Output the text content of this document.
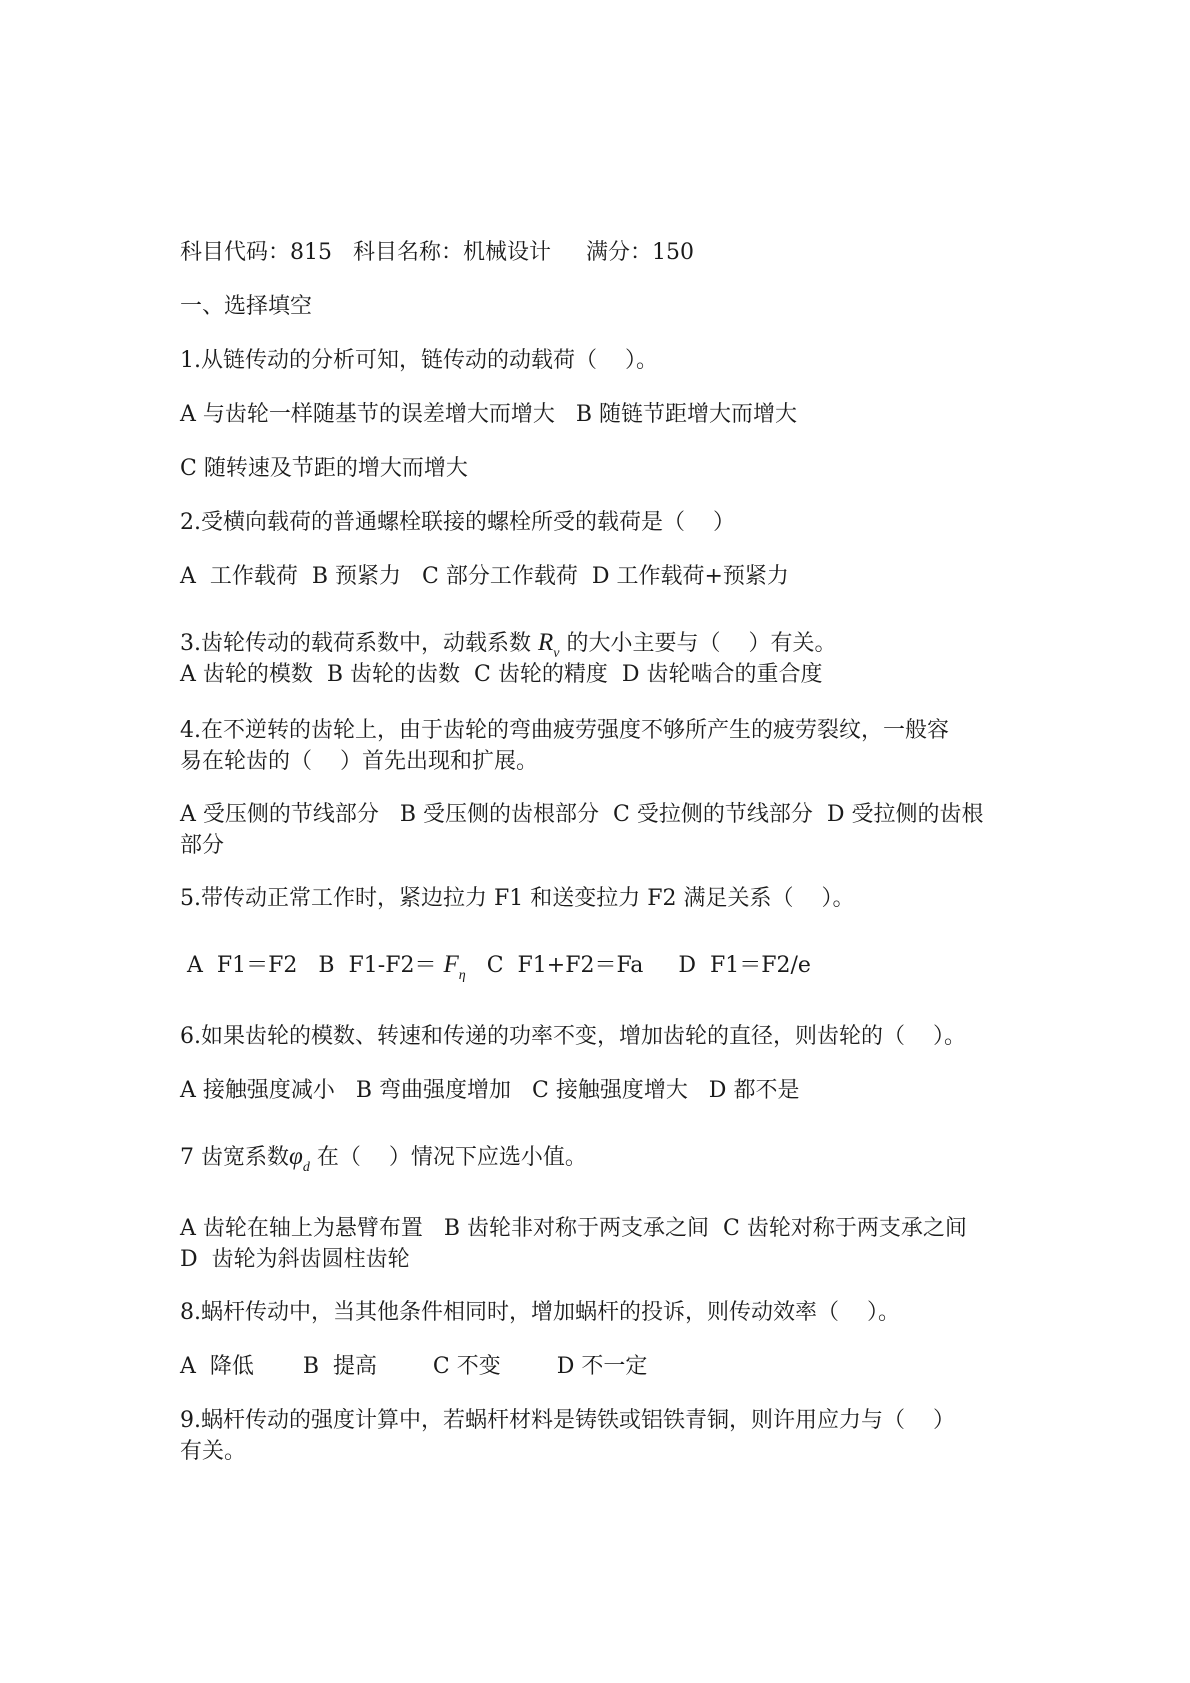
科目代码：815 科目名称：机械设计 满分：150
一、选择填空
1.从链传动的分析可知，链传动的动载荷（    ）。
A 与齿轮一样随基节的误差增大而增大   B 随链节距增大而增大
C 随转速及节距的增大而增大
2.受横向载荷的普通螺栓联接的螺栓所受的载荷是（    ）
A  工作载荷  B 预紧力   C 部分工作载荷  D 工作载荷+预紧力
3.齿轮传动的载荷系数中，动载系数 $R_v$ 的大小主要与（    ）有关。
A 齿轮的模数  B 齿轮的齿数  C 齿轮的精度  D 齿轮啮合的重合度
4.在不逆转的齿轮上，由于齿轮的弯曲疲劳强度不够所产生的疲劳裂纹，一般容
易在轮齿的（    ）首先出现和扩展。
A 受压侧的节线部分   B 受压侧的齿根部分  C 受拉侧的节线部分  D 受拉侧的齿根
部分
5.带传动正常工作时，紧边拉力 F1 和送变拉力 F2 满足关系（    ）。
A  F1＝F2   B  $F1-F2= F_\eta$   C  F1+F2＝Fa     D  F1＝F2/e
6.如果齿轮的模数、转速和传递的功率不变，增加齿轮的直径，则齿轮的（    ）。
A 接触强度减小   B 弯曲强度增加   C 接触强度增大   D 都不是
7 齿宽系数$\varphi_d$ 在（    ）情况下应选小值。
A 齿轮在轴上为悬臂布置   B 齿轮非对称于两支承之间  C 齿轮对称于两支承之间
D  齿轮为斜齿圆柱齿轮
8.蜗杆传动中，当其他条件相同时，增加蜗杆的投诉，则传动效率（    ）。
A  降低       B  提高        C 不变        D 不一定
9.蜗杆传动的强度计算中，若蜗杆材料是铸铁或铝铁青铜，则许用应力与（    ）
有关。
